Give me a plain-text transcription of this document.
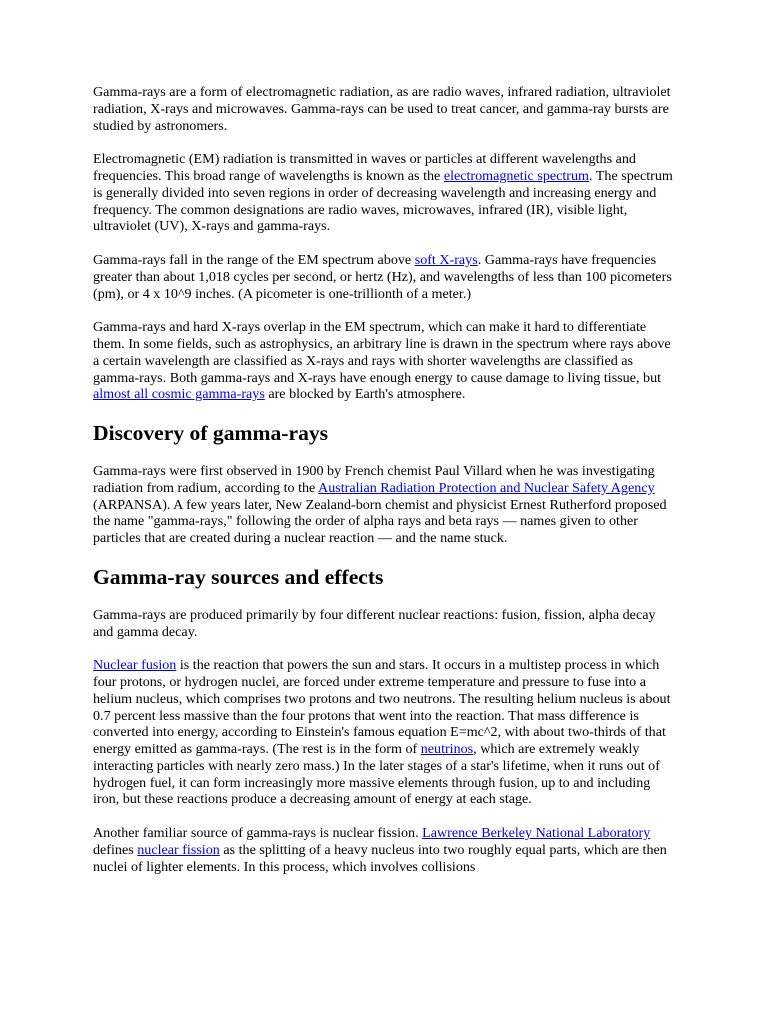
Gamma-rays are a form of electromagnetic radiation, as are radio waves, infrared radiation, ultraviolet radiation, X-rays and microwaves. Gamma-rays can be used to treat cancer, and gamma-ray bursts are studied by astronomers.

Electromagnetic (EM) radiation is transmitted in waves or particles at different wavelengths and frequencies. This broad range of wavelengths is known as the electromagnetic spectrum. The spectrum is generally divided into seven regions in order of decreasing wavelength and increasing energy and frequency. The common designations are radio waves, microwaves, infrared (IR), visible light, ultraviolet (UV), X-rays and gamma-rays.

Gamma-rays fall in the range of the EM spectrum above soft X-rays. Gamma-rays have frequencies greater than about 1,018 cycles per second, or hertz (Hz), and wavelengths of less than 100 picometers (pm), or 4 x 10^9 inches. (A picometer is one-trillionth of a meter.)

Gamma-rays and hard X-rays overlap in the EM spectrum, which can make it hard to differentiate them. In some fields, such as astrophysics, an arbitrary line is drawn in the spectrum where rays above a certain wavelength are classified as X-rays and rays with shorter wavelengths are classified as gamma-rays. Both gamma-rays and X-rays have enough energy to cause damage to living tissue, but almost all cosmic gamma-rays are blocked by Earth's atmosphere.

Discovery of gamma-rays

Gamma-rays were first observed in 1900 by French chemist Paul Villard when he was investigating radiation from radium, according to the Australian Radiation Protection and Nuclear Safety Agency (ARPANSA). A few years later, New Zealand-born chemist and physicist Ernest Rutherford proposed the name "gamma-rays," following the order of alpha rays and beta rays — names given to other particles that are created during a nuclear reaction — and the name stuck.

Gamma-ray sources and effects

Gamma-rays are produced primarily by four different nuclear reactions: fusion, fission, alpha decay and gamma decay.

Nuclear fusion is the reaction that powers the sun and stars. It occurs in a multistep process in which four protons, or hydrogen nuclei, are forced under extreme temperature and pressure to fuse into a helium nucleus, which comprises two protons and two neutrons. The resulting helium nucleus is about 0.7 percent less massive than the four protons that went into the reaction. That mass difference is converted into energy, according to Einstein's famous equation E=mc^2, with about two-thirds of that energy emitted as gamma-rays. (The rest is in the form of neutrinos, which are extremely weakly interacting particles with nearly zero mass.) In the later stages of a star's lifetime, when it runs out of hydrogen fuel, it can form increasingly more massive elements through fusion, up to and including iron, but these reactions produce a decreasing amount of energy at each stage.

Another familiar source of gamma-rays is nuclear fission. Lawrence Berkeley National Laboratory defines nuclear fission as the splitting of a heavy nucleus into two roughly equal parts, which are then nuclei of lighter elements. In this process, which involves collisions
